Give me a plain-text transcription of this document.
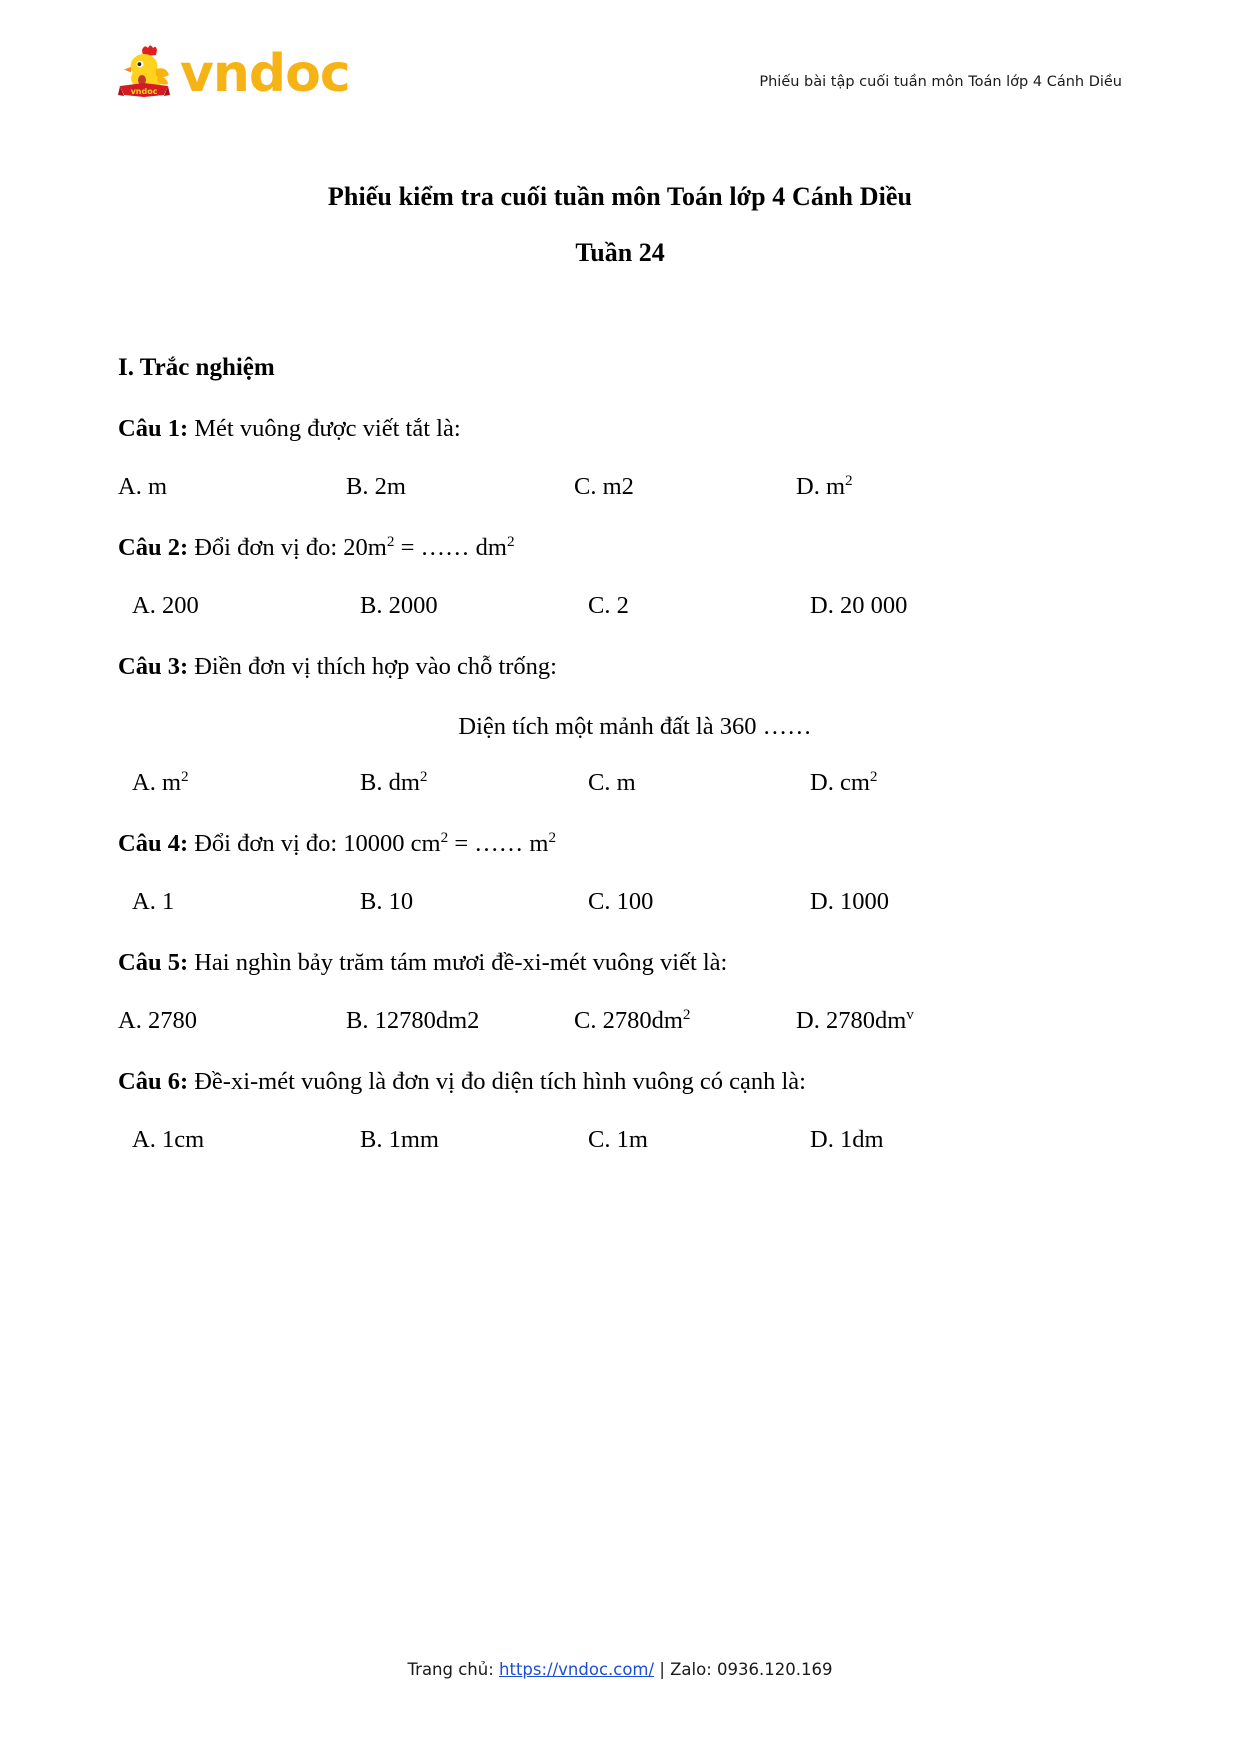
vndoc vndoc	Phiếu bài tập cuối tuần môn Toán lớp 4 Cánh Diều
Phiếu kiểm tra cuối tuần môn Toán lớp 4 Cánh Diều
Tuần 24
I. Trắc nghiệm
Câu 1: Mét vuông được viết tắt là:
A. m	B. 2m	C. m2	D. $m^2$
Câu 2: Đổi đơn vị đo: $20m^2$ = …… $dm^2$
A. 200	B. 2000	C. 2	D. 20 000
Câu 3: Điền đơn vị thích hợp vào chỗ trống:
Diện tích một mảnh đất là 360 ……
A. $m^2$	B. $dm^2$	C. m	D. $cm^2$
Câu 4: Đổi đơn vị đo: 10000 $cm^2$ = …… $m^2$
A. 1	B. 10	C. 100	D. 1000
Câu 5: Hai nghìn bảy trăm tám mươi đề-xi-mét vuông viết là:
A. 2780	B. 12780dm2	C. $2780dm^2$	D. $2780dm^v$
Câu 6: Đề-xi-mét vuông là đơn vị đo diện tích hình vuông có cạnh là:
A. 1cm	B. 1mm	C. 1m	D. 1dm
Trang chủ: https://vndoc.com/ | Zalo: 0936.120.169
